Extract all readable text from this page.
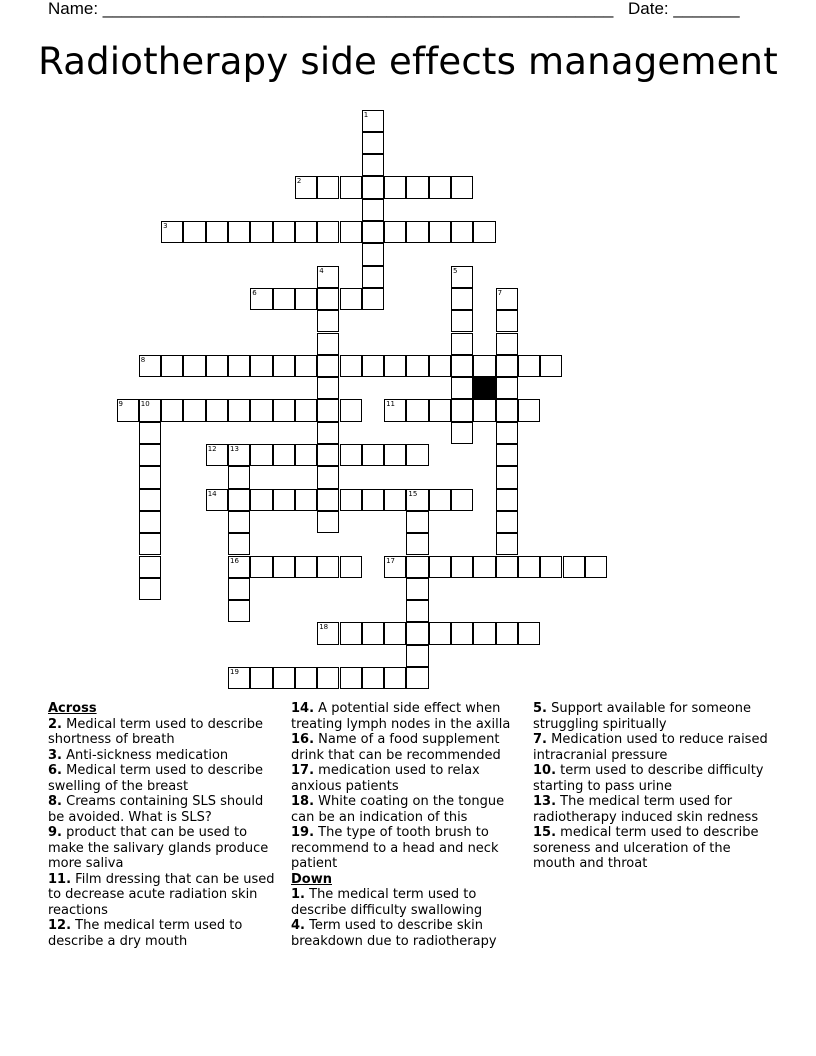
Name: ______________________________________________________ Date: _______
Radiotherapy side effects management
2
3
6
8
9	10	11
12 13
14	15
16	17
18
19
1
4	5
7

Across

2. Medical term used to describe shortness of breath

3. Anti-sickness medication

6. Medical term used to describe swelling of the breast

8. Creams containing SLS should be avoided. What is SLS?

9. product that can be used to make the salivary glands produce more saliva

11. Film dressing that can be used to decrease acute radiation skin reactions

12. The medical term used to describe a dry mouth

14. A potential side effect when treating lymph nodes in the axilla

16. Name of a food supplement drink that can be recommended

17. medication used to relax anxious patients

18. White coating on the tongue can be an indication of this

19. The type of tooth brush to recommend to a head and neck patient

Down

1. The medical term used to describe difficulty swallowing

4. Term used to describe skin breakdown due to radiotherapy

5. Support available for someone struggling spiritually

7. Medication used to reduce raised intracranial pressure

10. term used to describe difficulty starting to pass urine

13. The medical term used for radiotherapy induced skin redness

15. medical term used to describe soreness and ulceration of the mouth and throat
